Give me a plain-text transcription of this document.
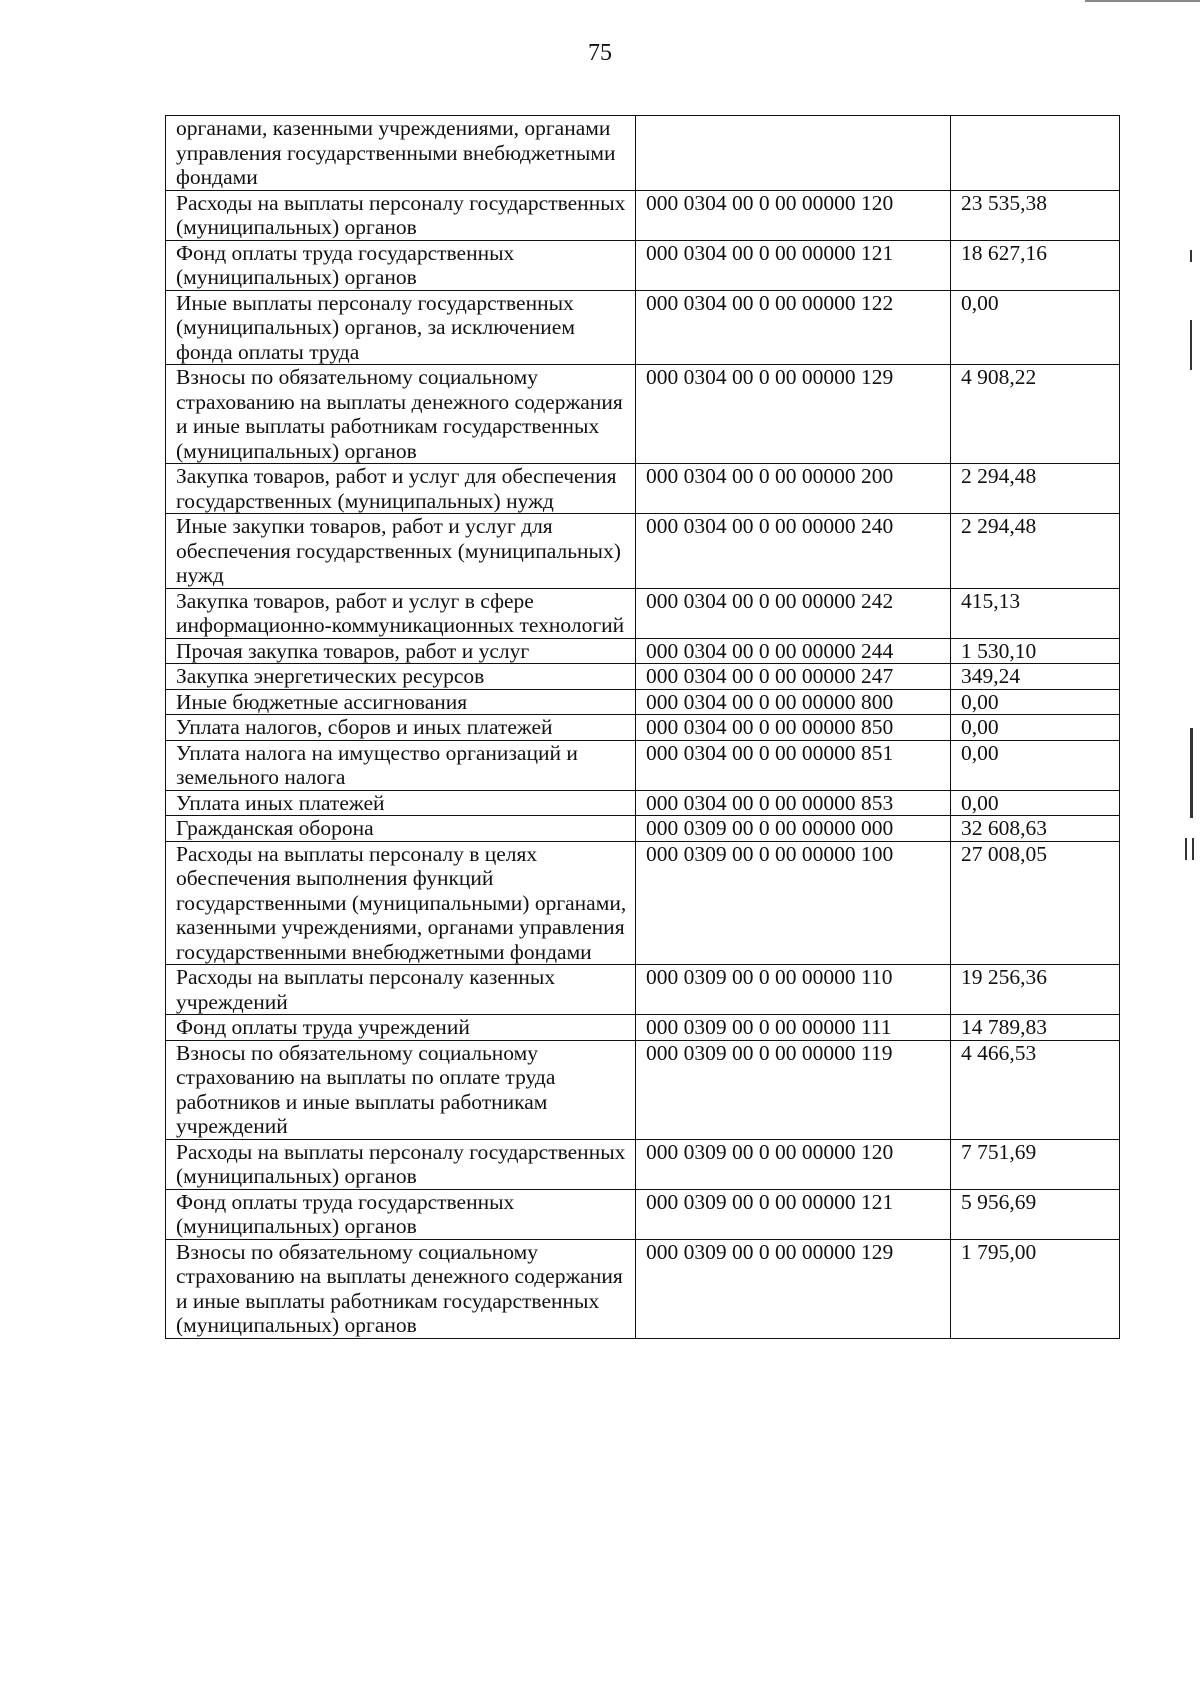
75
органами, казенными учреждениями, органами управления государственными внебюджетными фондами		
Расходы на выплаты персоналу государственных (муниципальных) органов	000 0304 00 0 00 00000 120	23 535,38
Фонд оплаты труда государственных (муниципальных) органов	000 0304 00 0 00 00000 121	18 627,16
Иные выплаты персоналу государственных (муниципальных) органов, за исключением фонда оплаты труда	000 0304 00 0 00 00000 122	0,00
Взносы по обязательному социальному страхованию на выплаты денежного содержания и иные выплаты работникам государственных (муниципальных) органов	000 0304 00 0 00 00000 129	4 908,22
Закупка товаров, работ и услуг для обеспечения государственных (муниципальных) нужд	000 0304 00 0 00 00000 200	2 294,48
Иные закупки товаров, работ и услуг для обеспечения государственных (муниципальных) нужд	000 0304 00 0 00 00000 240	2 294,48
Закупка товаров, работ и услуг в сфере информационно-коммуникационных технологий	000 0304 00 0 00 00000 242	415,13
Прочая закупка товаров, работ и услуг	000 0304 00 0 00 00000 244	1 530,10
Закупка энергетических ресурсов	000 0304 00 0 00 00000 247	349,24
Иные бюджетные ассигнования	000 0304 00 0 00 00000 800	0,00
Уплата налогов, сборов и иных платежей	000 0304 00 0 00 00000 850	0,00
Уплата налога на имущество организаций и земельного налога	000 0304 00 0 00 00000 851	0,00
Уплата иных платежей	000 0304 00 0 00 00000 853	0,00
Гражданская оборона	000 0309 00 0 00 00000 000	32 608,63
Расходы на выплаты персоналу в целях обеспечения выполнения функций государственными (муниципальными) органами, казенными учреждениями, органами управления государственными внебюджетными фондами	000 0309 00 0 00 00000 100	27 008,05
Расходы на выплаты персоналу казенных учреждений	000 0309 00 0 00 00000 110	19 256,36
Фонд оплаты труда учреждений	000 0309 00 0 00 00000 111	14 789,83
Взносы по обязательному социальному страхованию на выплаты по оплате труда работников и иные выплаты работникам учреждений	000 0309 00 0 00 00000 119	4 466,53
Расходы на выплаты персоналу государственных (муниципальных) органов	000 0309 00 0 00 00000 120	7 751,69
Фонд оплаты труда государственных (муниципальных) органов	000 0309 00 0 00 00000 121	5 956,69
Взносы по обязательному социальному страхованию на выплаты денежного содержания и иные выплаты работникам государственных (муниципальных) органов	000 0309 00 0 00 00000 129	1 795,00
